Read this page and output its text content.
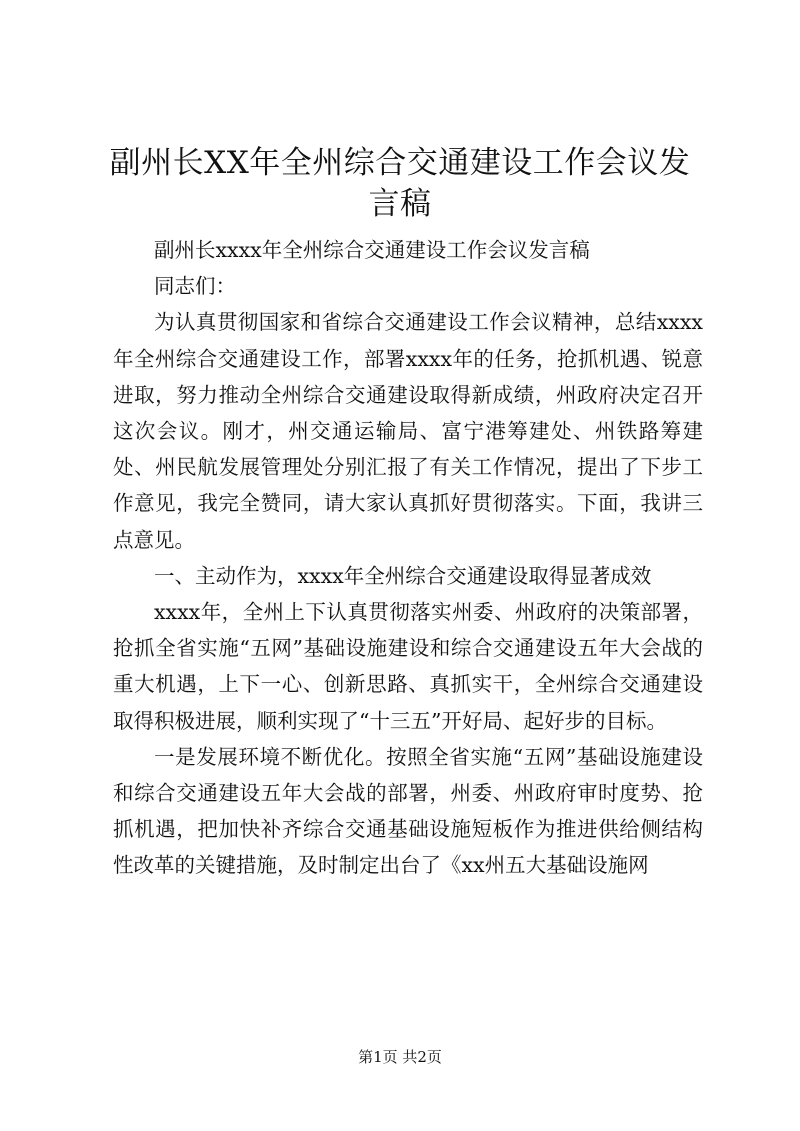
副州长XX年全州综合交通建设工作会议发言稿

副州长xxxx年全州综合交通建设工作会议发言稿

同志们：

为认真贯彻国家和省综合交通建设工作会议精神，总结xxxx年全州综合交通建设工作，部署xxxx年的任务，抢抓机遇、锐意进取，努力推动全州综合交通建设取得新成绩，州政府决定召开这次会议。刚才，州交通运输局、富宁港筹建处、州铁路筹建处、州民航发展管理处分别汇报了有关工作情况，提出了下步工作意见，我完全赞同，请大家认真抓好贯彻落实。下面，我讲三点意见。

一、主动作为，xxxx年全州综合交通建设取得显著成效

xxxx年，全州上下认真贯彻落实州委、州政府的决策部署，抢抓全省实施“五网”基础设施建设和综合交通建设五年大会战的重大机遇，上下一心、创新思路、真抓实干，全州综合交通建设取得积极进展，顺利实现了“十三五”开好局、起好步的目标。

一是发展环境不断优化。按照全省实施“五网”基础设施建设和综合交通建设五年大会战的部署，州委、州政府审时度势、抢抓机遇，把加快补齐综合交通基础设施短板作为推进供给侧结构性改革的关键措施，及时制定出台了《xx州五大基础设施网

第1页 共2页
